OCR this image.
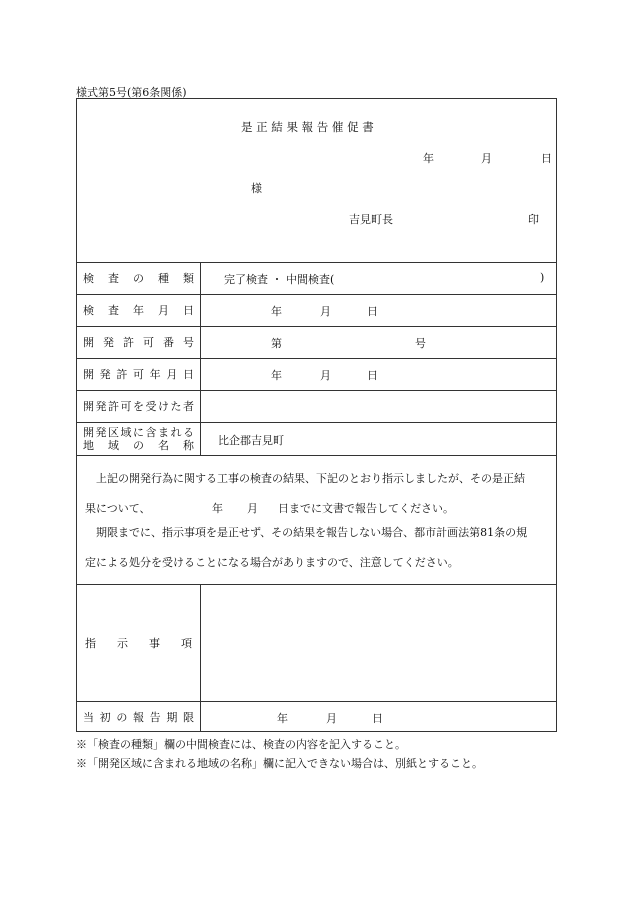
様式第5号(第6条関係)
是 正 結 果 報 告 催 促 書
年	月	日
様
吉見町長	印
検査の種類	完了検査 ・ 中間検査(	)
検査年月日	年	月	日
開発許可番号	第	号
開発許可年月日	年	月	日
開発許可を受けた者
開発区域に含まれる
地域の名称 比企郡吉見町
上記の開発行為に関する工事の検査の結果、下記のとおり指示しましたが、その是正結
果について、	年 月 日までに文書で報告してください。
期限までに、指示事項を是正せず、その結果を報告しない場合、都市計画法第81条の規
定による処分を受けることになる場合がありますので、注意してください。
指示事項
当初の報告期限	年	月	日
※「検査の種類」欄の中間検査には、検査の内容を記入すること。
※「開発区域に含まれる地域の名称」欄に記入できない場合は、別紙とすること。
